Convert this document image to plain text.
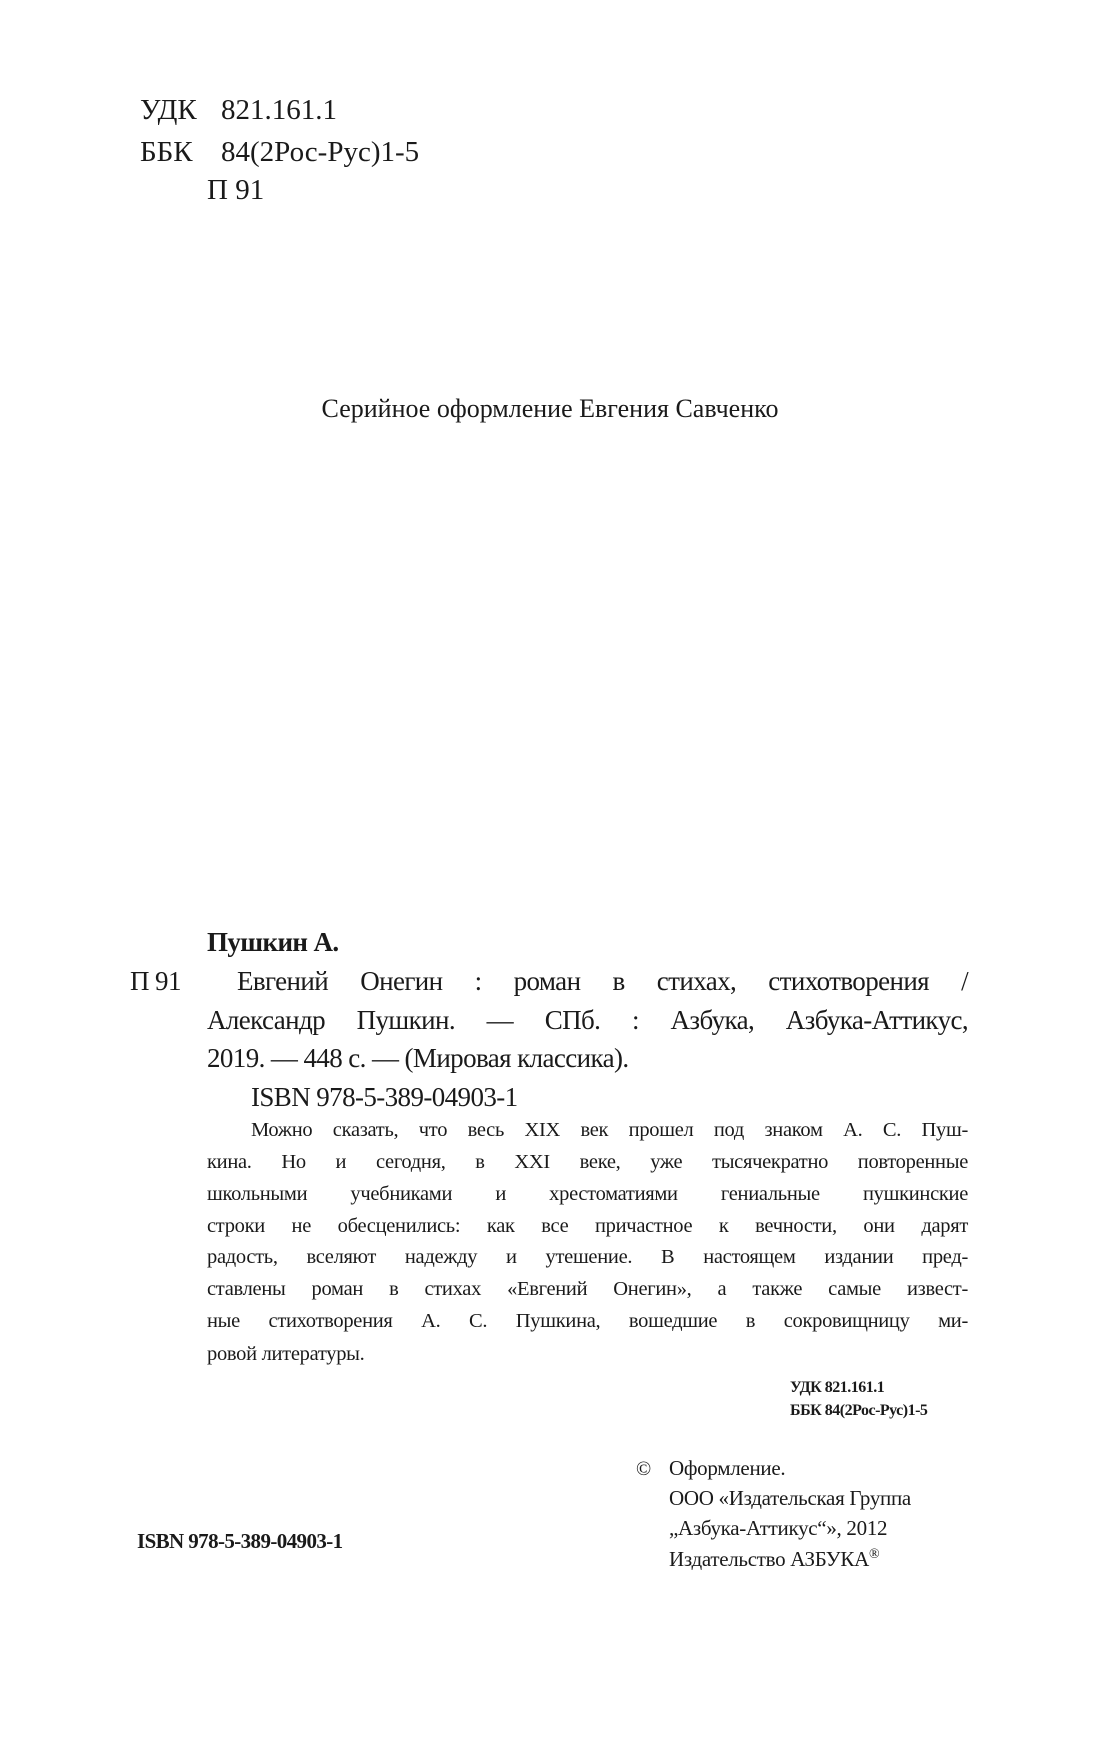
УДК 821.161.1
ББК 84(2Рос-Рус)1-5
П 91
Серийное оформление Евгения Савченко
Пушкин А.
П 91 Евгений Онегин : роман в стихах, стихотворения /
Александр Пушкин. — СПб. : Азбука, Азбука-Аттикус,
2019. — 448 с. — (Мировая классика).
ISBN 978-5-389-04903-1
Можно сказать, что весь XIX век прошел под знаком А. С. Пуш-
кина. Но и сегодня, в XXI веке, уже тысячекратно повторенные
школьными учебниками и хрестоматиями гениальные пушкинские
строки не обесценились: как все причастное к вечности, они дарят
радость, вселяют надежду и утешение. В настоящем издании пред-
ставлены роман в стихах «Евгений Онегин», а также самые извест-
ные стихотворения А. С. Пушкина, вошедшие в сокровищницу ми-
ровой литературы.
УДК 821.161.1
ББК 84(2Рос-Рус)1-5
ISBN 978-5-389-04903-1
© Оформление.
ООО «Издательская Группа
„Азбука-Аттикус“», 2012
Издательство АЗБУКА®
